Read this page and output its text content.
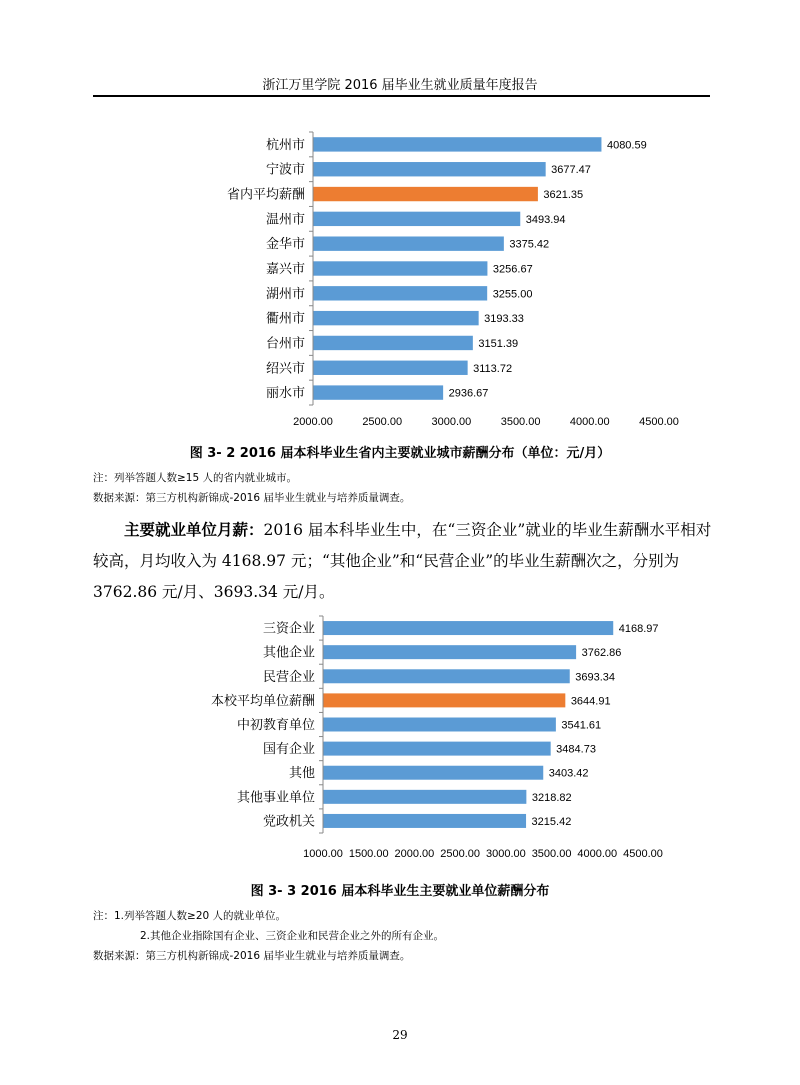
浙江万里学院 2016 届毕业生就业质量年度报告
杭州市	4080.59
宁波市	3677.47
省内平均薪酬	3621.35
温州市	3493.94
金华市	3375.42
嘉兴市	3256.67
湖州市	3255.00
衢州市	3193.33
台州市	3151.39
绍兴市	3113.72
丽水市	2936.67
2000.00	2500.00	3000.00	3500.00	4000.00	4500.00
图 3- 2 2016 届本科毕业生省内主要就业城市薪酬分布（单位：元/月）
注：列举答题人数≥15 人的省内就业城市。
数据来源：第三方机构新锦成-2016 届毕业生就业与培养质量调查。

主要就业单位月薪：2016 届本科毕业生中，在“三资企业”就业的毕业生薪酬水平相对较高，月均收入为 4168.97 元；“其他企业”和“民营企业”的毕业生薪酬次之，分别为 3762.86 元/月、3693.34 元/月。

三资企业	4168.97
其他企业	3762.86
民营企业	3693.34
本校平均单位薪酬	3644.91
中初教育单位	3541.61
国有企业	3484.73
其他	3403.42
其他事业单位	3218.82
党政机关	3215.42
1000.00 1500.00 2000.00 2500.00 3000.00 3500.00 4000.00 4500.00
图 3- 3 2016 届本科毕业生主要就业单位薪酬分布
注：1.列举答题人数≥20 人的就业单位。
2.其他企业指除国有企业、三资企业和民营企业之外的所有企业。
数据来源：第三方机构新锦成-2016 届毕业生就业与培养质量调查。
29
